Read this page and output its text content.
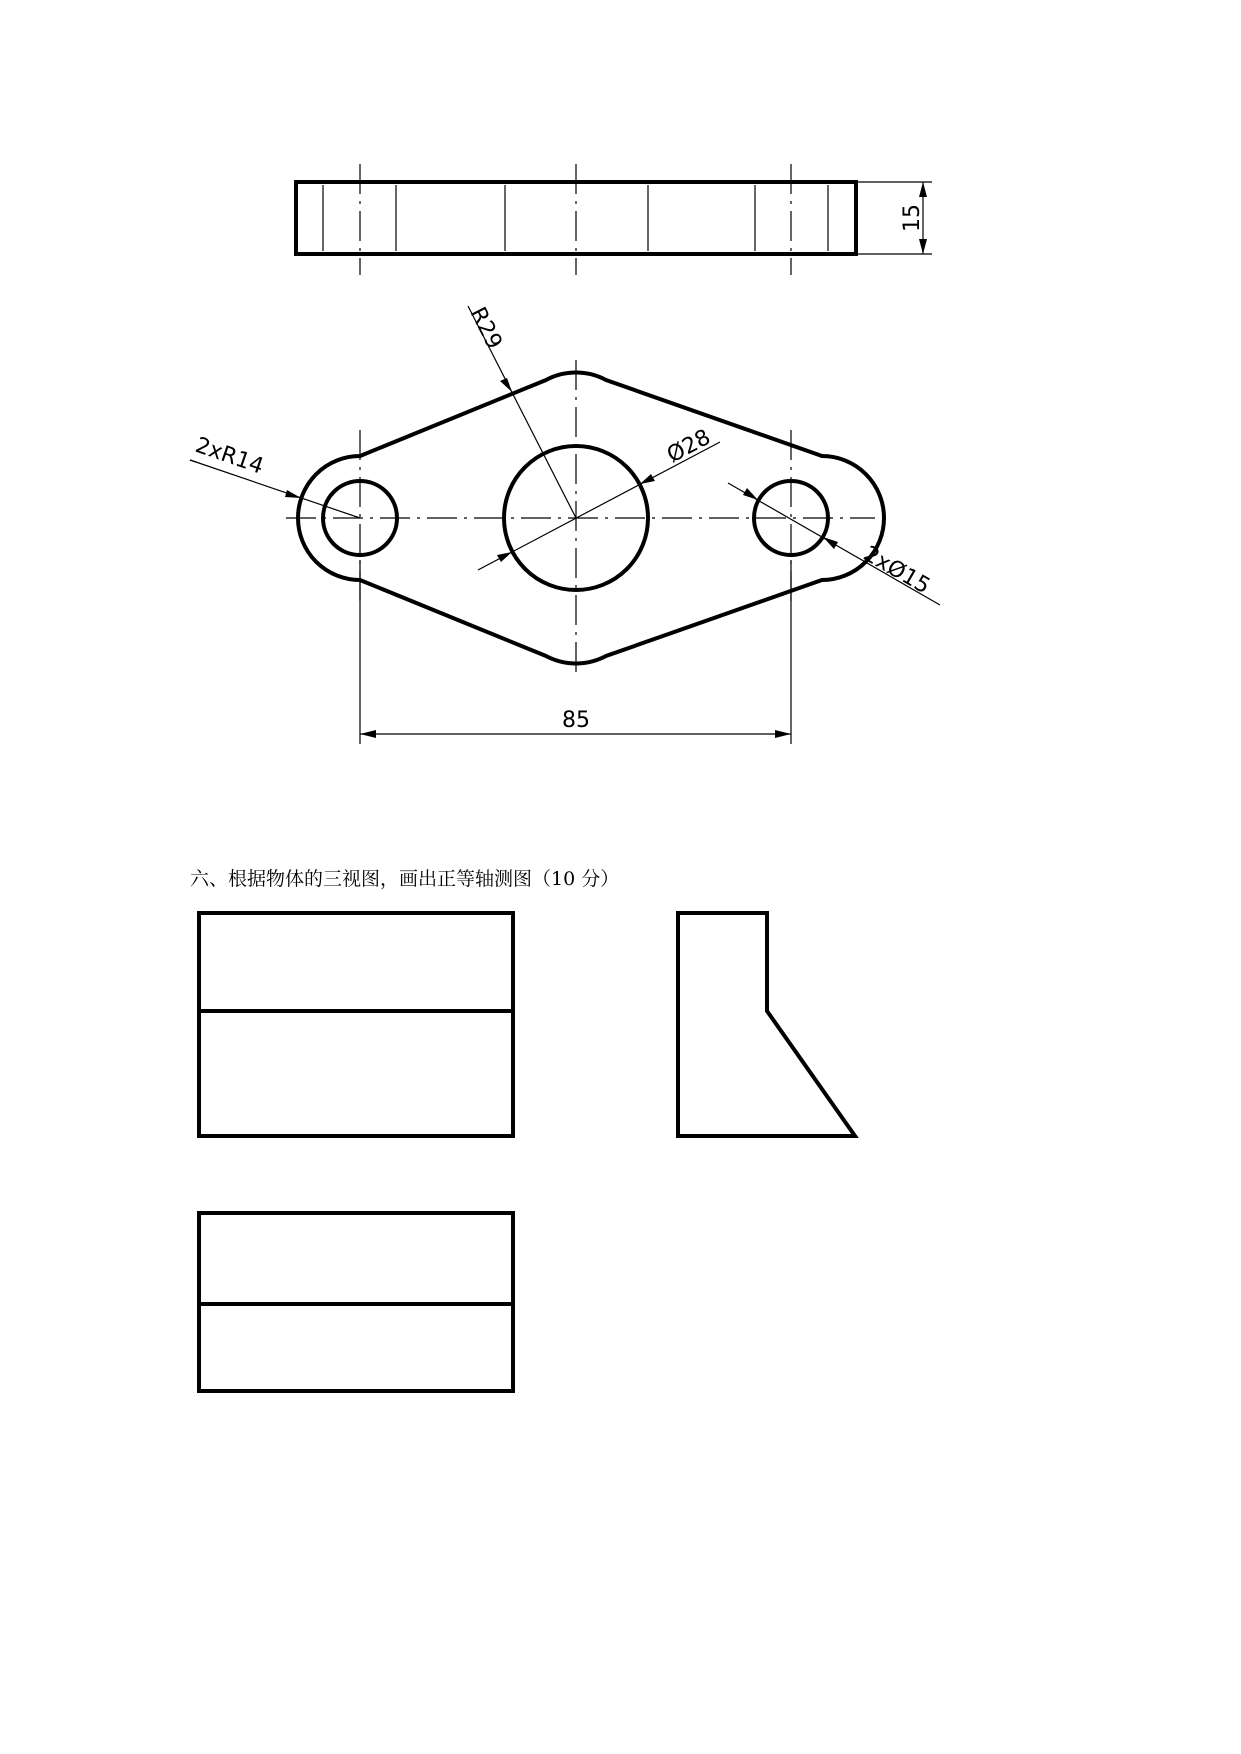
15
R29
2xR14	Ø28
2xØ15
85
六、根据物体的三视图，画出正等轴测图（10 分）
